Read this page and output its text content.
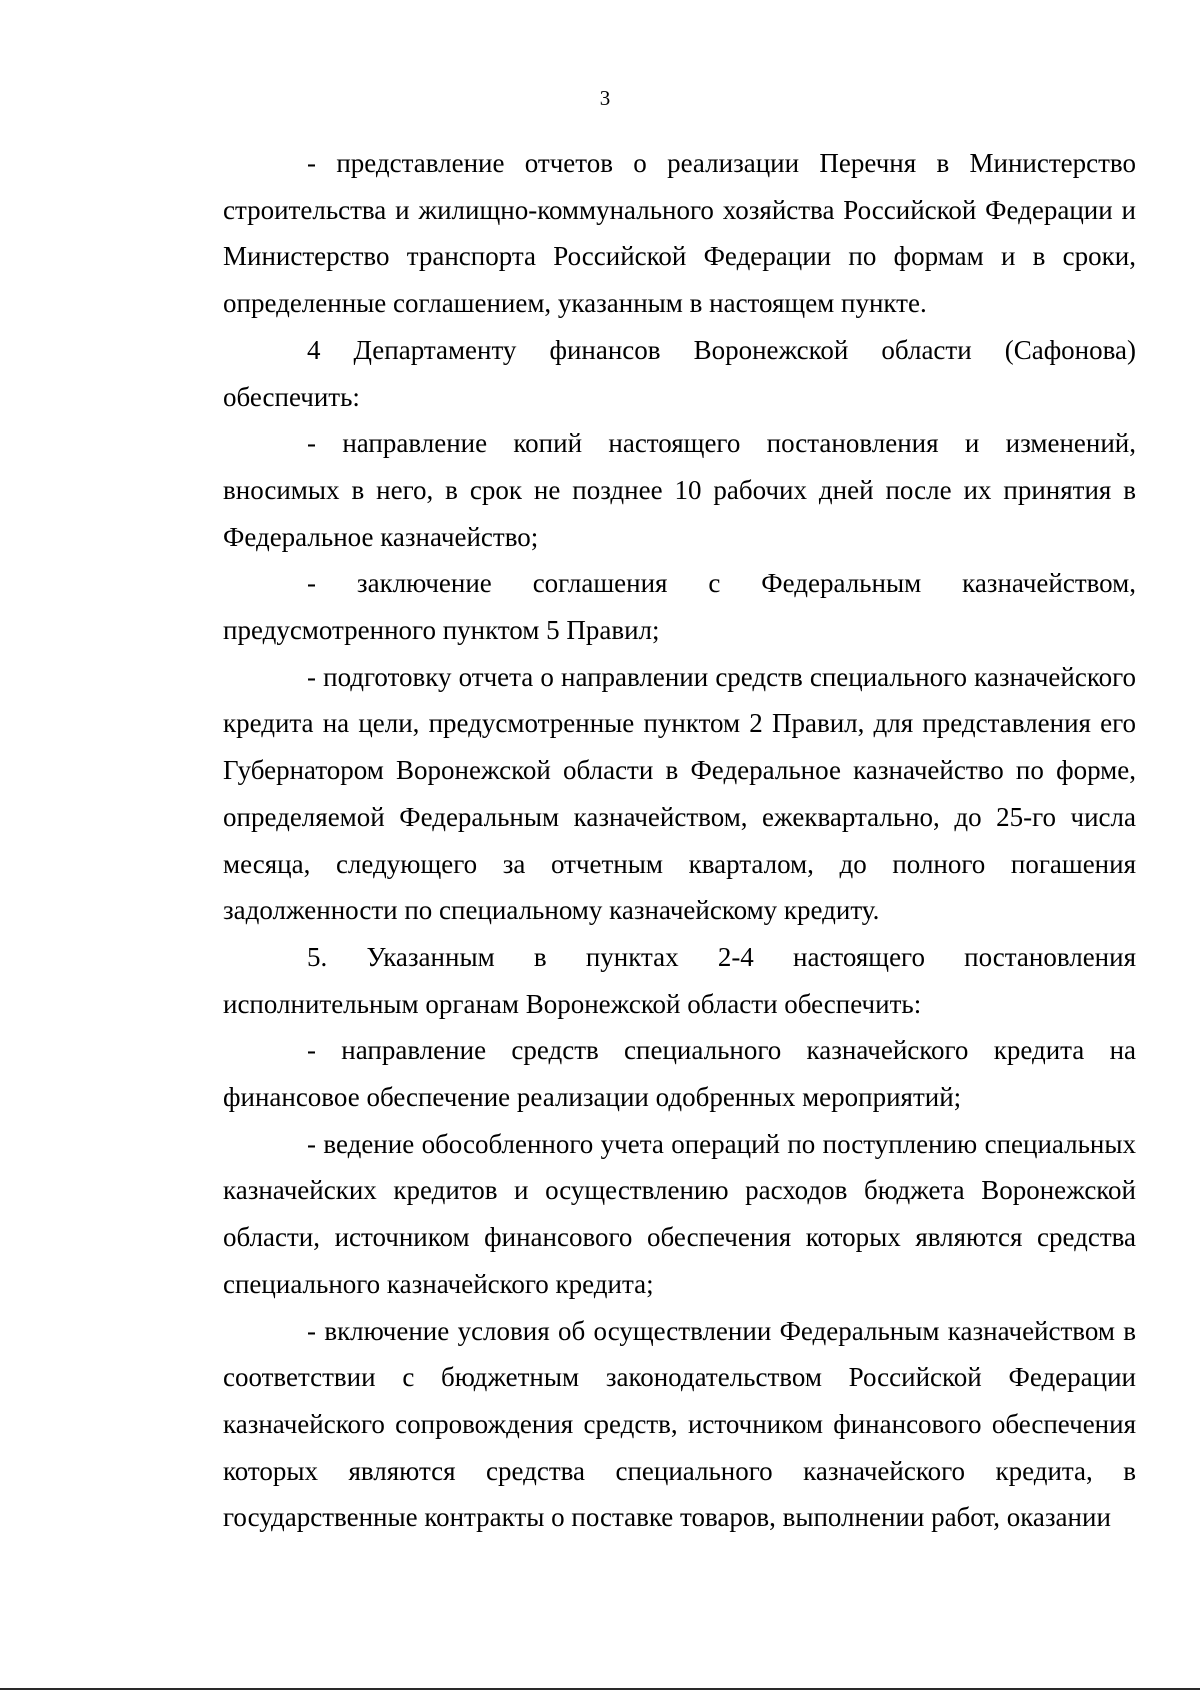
3

- представление отчетов о реализации Перечня в Министерство строительства и жилищно-коммунального хозяйства Российской Федерации и Министерство транспорта Российской Федерации по формам и в сроки, определенные соглашением, указанным в настоящем пункте.

4 Департаменту финансов Воронежской области (Сафонова) обеспечить:

- направление копий настоящего постановления и изменений, вносимых в него, в срок не позднее 10 рабочих дней после их принятия в Федеральное казначейство;

- заключение соглашения с Федеральным казначейством, предусмотренного пунктом 5 Правил;

- подготовку отчета о направлении средств специального казначейского кредита на цели, предусмотренные пунктом 2 Правил, для представления его Губернатором Воронежской области в Федеральное казначейство по форме, определяемой Федеральным казначейством, ежеквартально, до 25-го числа месяца, следующего за отчетным кварталом, до полного погашения задолженности по специальному казначейскому кредиту.

5. Указанным в пунктах 2-4 настоящего постановления исполнительным органам Воронежской области обеспечить:

- направление средств специального казначейского кредита на финансовое обеспечение реализации одобренных мероприятий;

- ведение обособленного учета операций по поступлению специальных казначейских кредитов и осуществлению расходов бюджета Воронежской области, источником финансового обеспечения которых являются средства специального казначейского кредита;

- включение условия об осуществлении Федеральным казначейством в соответствии с бюджетным законодательством Российской Федерации казначейского сопровождения средств, источником финансового обеспечения которых являются средства специального казначейского кредита, в государственные контракты о поставке товаров, выполнении работ, оказании
